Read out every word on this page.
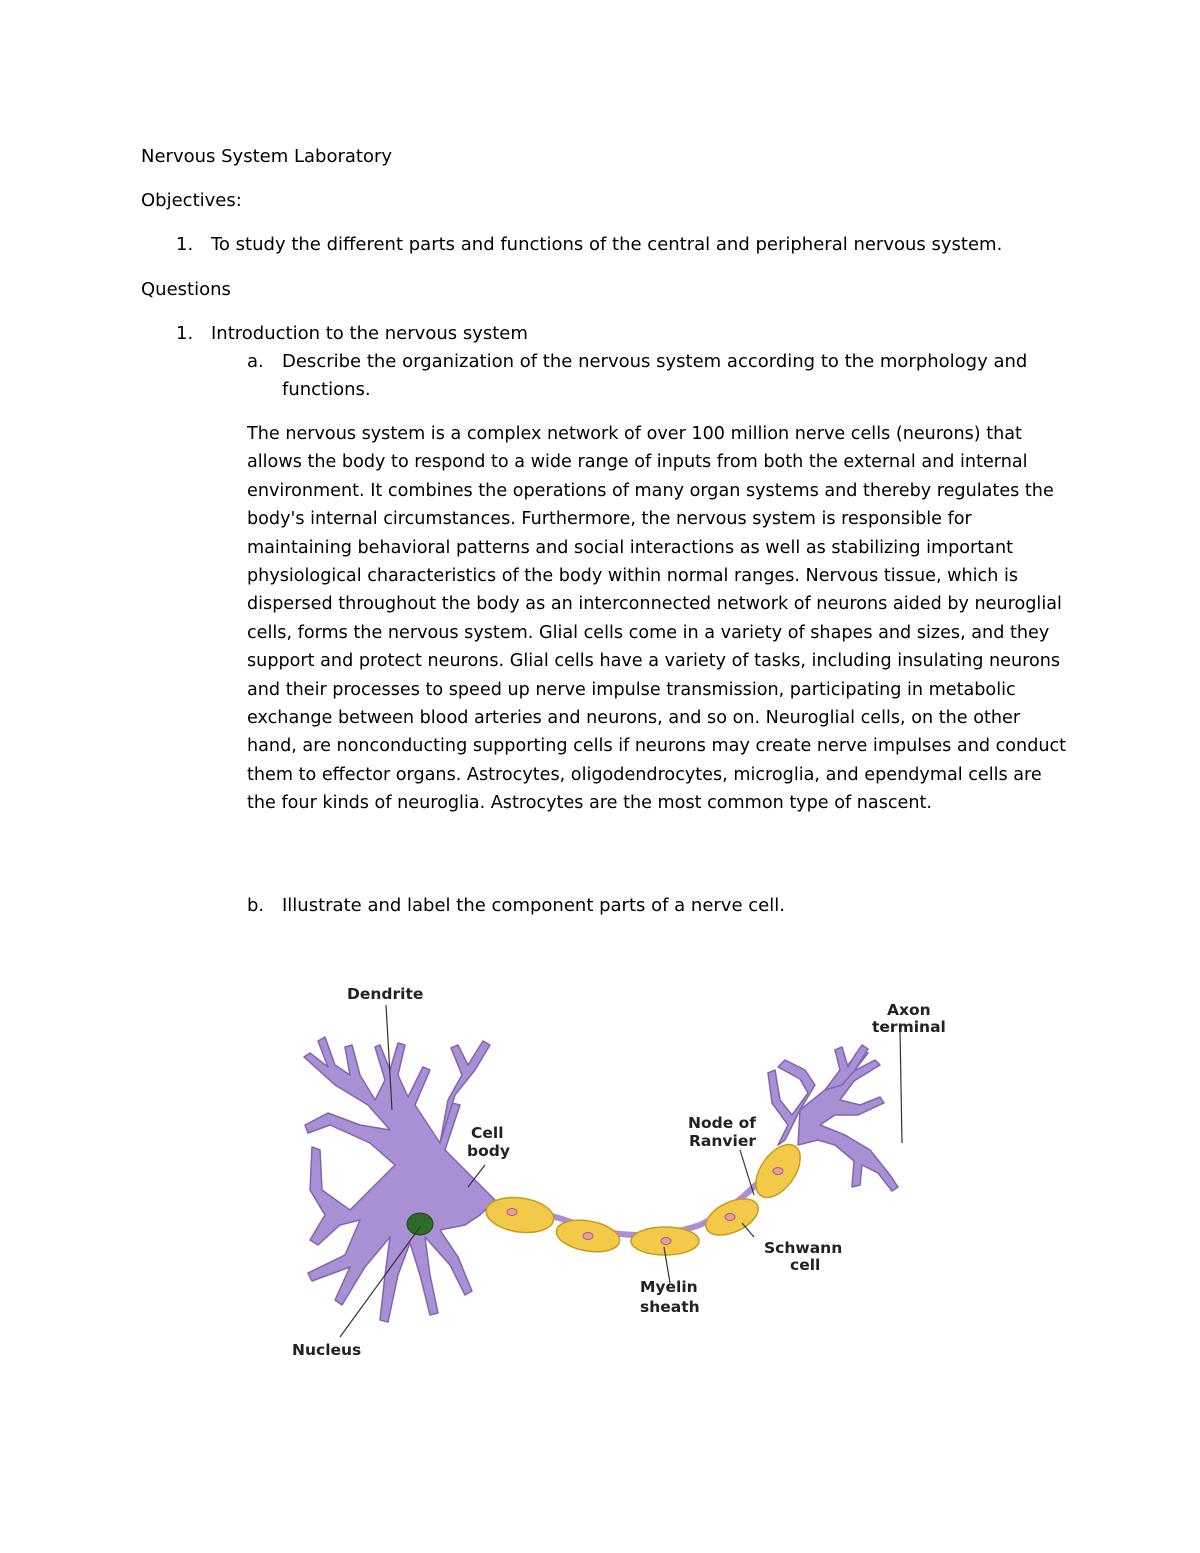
Nervous System Laboratory
Objectives:
1. To study the different parts and functions of the central and peripheral nervous system.
Questions
1. Introduction to the nervous system
a. Describe the organization of the nervous system according to the morphology and
functions.
The nervous system is a complex network of over 100 million nerve cells (neurons) that
allows the body to respond to a wide range of inputs from both the external and internal
environment. It combines the operations of many organ systems and thereby regulates the
body's internal circumstances. Furthermore, the nervous system is responsible for
maintaining behavioral patterns and social interactions as well as stabilizing important
physiological characteristics of the body within normal ranges. Nervous tissue, which is
dispersed throughout the body as an interconnected network of neurons aided by neuroglial
cells, forms the nervous system. Glial cells come in a variety of shapes and sizes, and they
support and protect neurons. Glial cells have a variety of tasks, including insulating neurons
and their processes to speed up nerve impulse transmission, participating in metabolic
exchange between blood arteries and neurons, and so on. Neuroglial cells, on the other
hand, are nonconducting supporting cells if neurons may create nerve impulses and conduct
them to effector organs. Astrocytes, oligodendrocytes, microglia, and ependymal cells are
the four kinds of neuroglia. Astrocytes are the most common type of nascent.
b. Illustrate and label the component parts of a nerve cell.
Dendrite
Axon
terminal
Cell
body
Node of
Ranvier
Schwann
cell
Myelin
sheath
Nucleus
